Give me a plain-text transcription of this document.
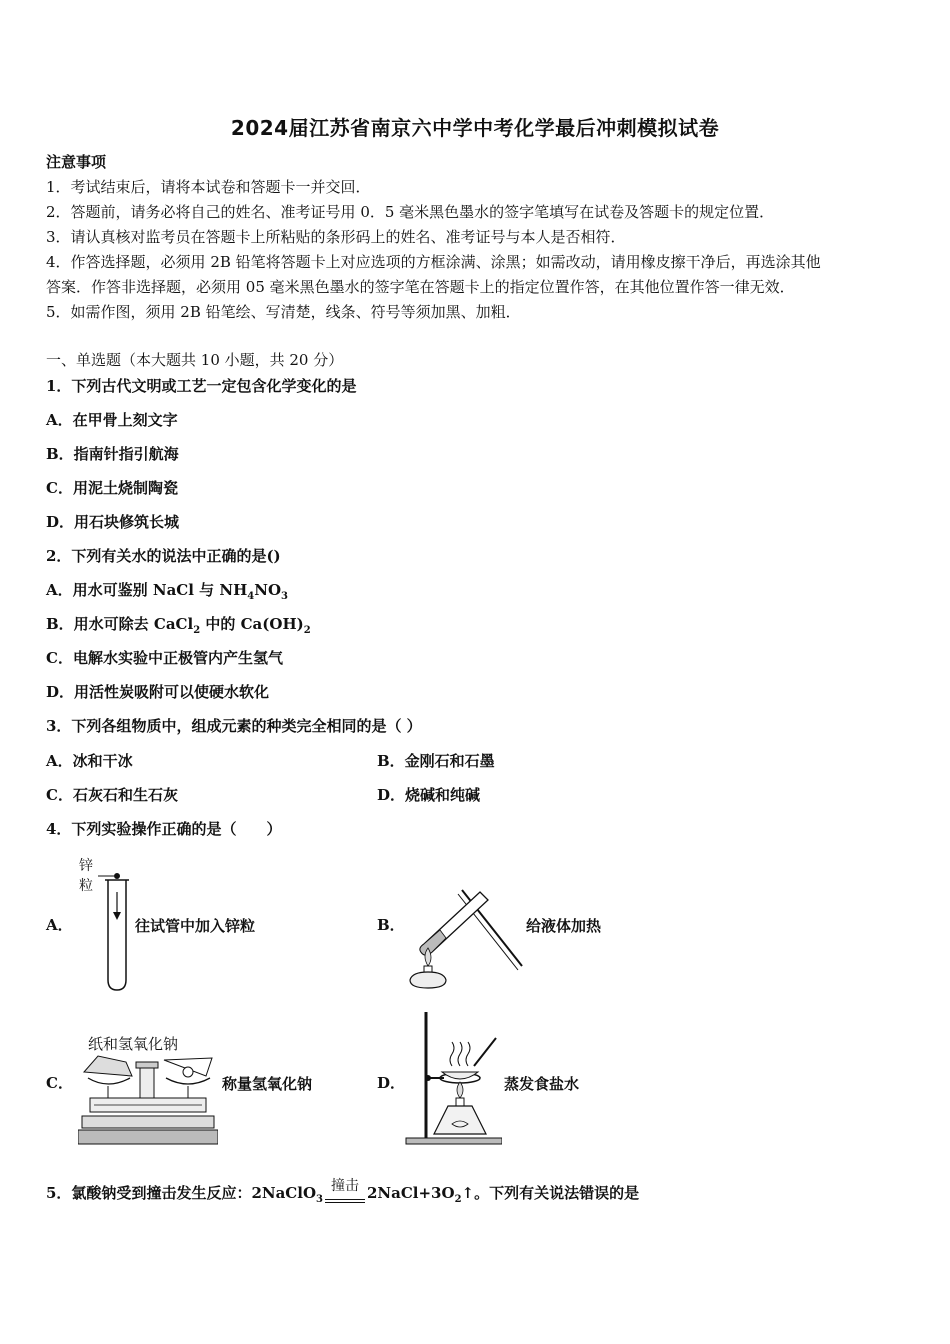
2024届江苏省南京六中学中考化学最后冲刺模拟试卷
注意事项
1．考试结束后，请将本试卷和答题卡一并交回．
2．答题前，请务必将自己的姓名、准考证号用 0．5 毫米黑色墨水的签字笔填写在试卷及答题卡的规定位置．
3．请认真核对监考员在答题卡上所粘贴的条形码上的姓名、准考证号与本人是否相符．
4．作答选择题，必须用 2B 铅笔将答题卡上对应选项的方框涂满、涂黑；如需改动，请用橡皮擦干净后，再选涂其他
答案．作答非选择题，必须用 05 毫米黑色墨水的签字笔在答题卡上的指定位置作答，在其他位置作答一律无效．
5．如需作图，须用 2B 铅笔绘、写清楚，线条、符号等须加黑、加粗．
一、单选题（本大题共 10 小题，共 20 分）
1．下列古代文明或工艺一定包含化学变化的是
A．在甲骨上刻文字
B．指南针指引航海
C．用泥土烧制陶瓷
D．用石块修筑长城
2．下列有关水的说法中正确的是()
A．用水可鉴别 NaCl 与 $NH_4NO_3$
B．用水可除去 CaCl$_2$ 中的 $Ca(OH)_2$
C．电解水实验中正极管内产生氢气
D．用活性炭吸附可以使硬水软化
3．下列各组物质中，组成元素的种类完全相同的是（ ）
A．冰和干冰	B．金刚石和石墨
C．石灰石和生石灰	D．烧碱和纯碱
4．下列实验操作正确的是（　　）
A．	往试管中加入锌粒
锌
粒
B．	给液体加热
C．	称量氢氧化钠
纸和氢氧化钠
D．	蒸发食盐水
5．氯酸钠受到撞击发生反应：2NaClO$_3$
撞击 $2NaCl+3O_2↑$。下列有关说法错误的是
